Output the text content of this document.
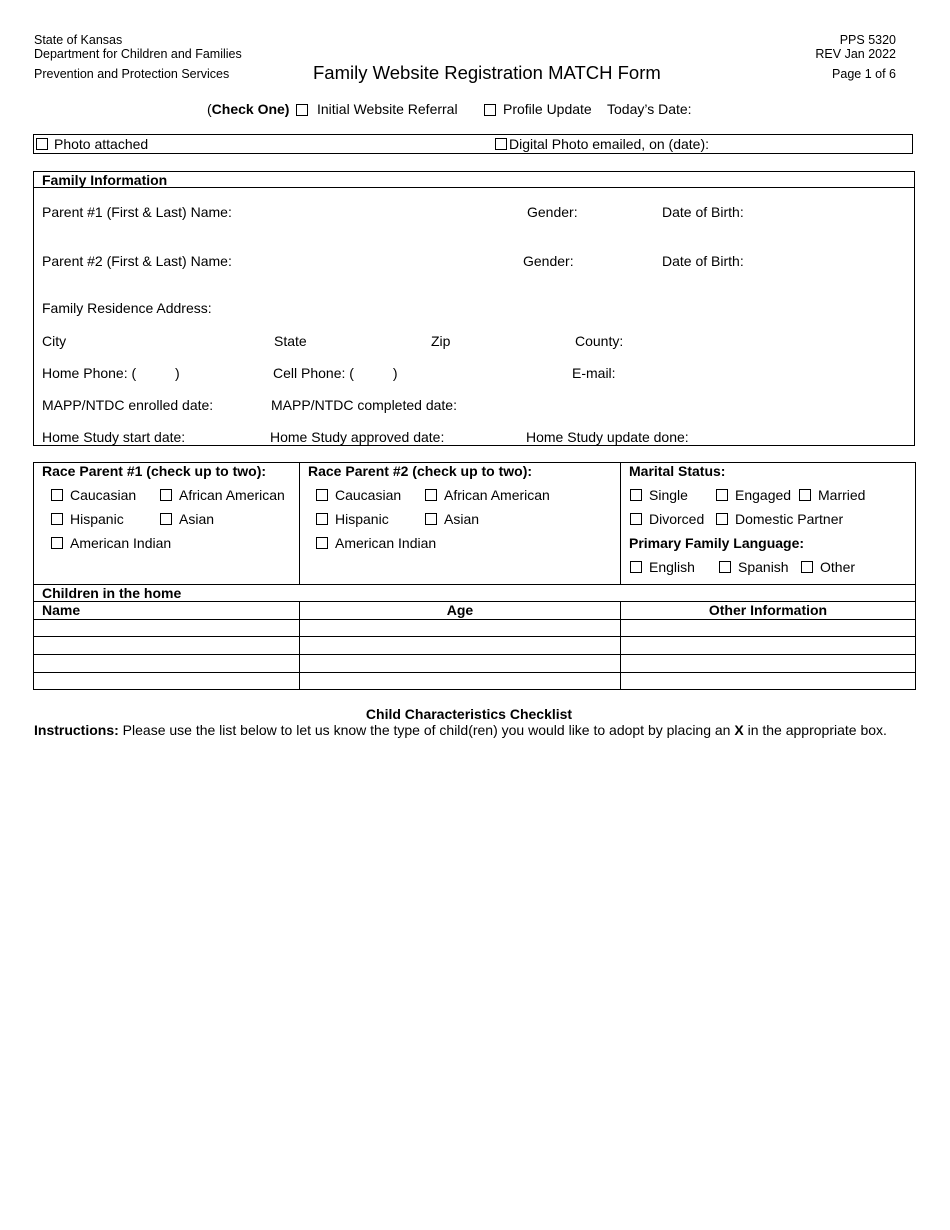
State of Kansas
Department for Children and Families
Prevention and Protection Services	Family Website Registration MATCH Form
PPS 5320
REV Jan 2022
Page 1 of 6
(Check One) Initial Website Referral	Profile Update Today’s Date:
Photo attached	Digital Photo emailed, on (date):
Family Information
Parent #1 (First & Last) Name:	Gender:	Date of Birth:
Parent #2 (First & Last) Name:	Gender:	Date of Birth:
Family Residence Address:
City	State	Zip	County:
Home Phone: (          )	Cell Phone: (          )	E-mail:
MAPP/NTDC enrolled date:	MAPP/NTDC completed date:
Home Study start date:	Home Study approved date:	Home Study update done:
Race Parent #1 (check up to two):
Caucasian	African American
Hispanic	Asian
American Indian
Race Parent #2 (check up to two):
Caucasian	African American
Hispanic	Asian
American Indian
Marital Status:
Single	Engaged Married
Divorced Domestic Partner
Primary Family Language:
English	Spanish Other
Children in the home
Name	Age	Other Information
Child Characteristics Checklist
Instructions: Please use the list below to let us know the type of child(ren) you would like to adopt by placing an X in the appropriate box.
